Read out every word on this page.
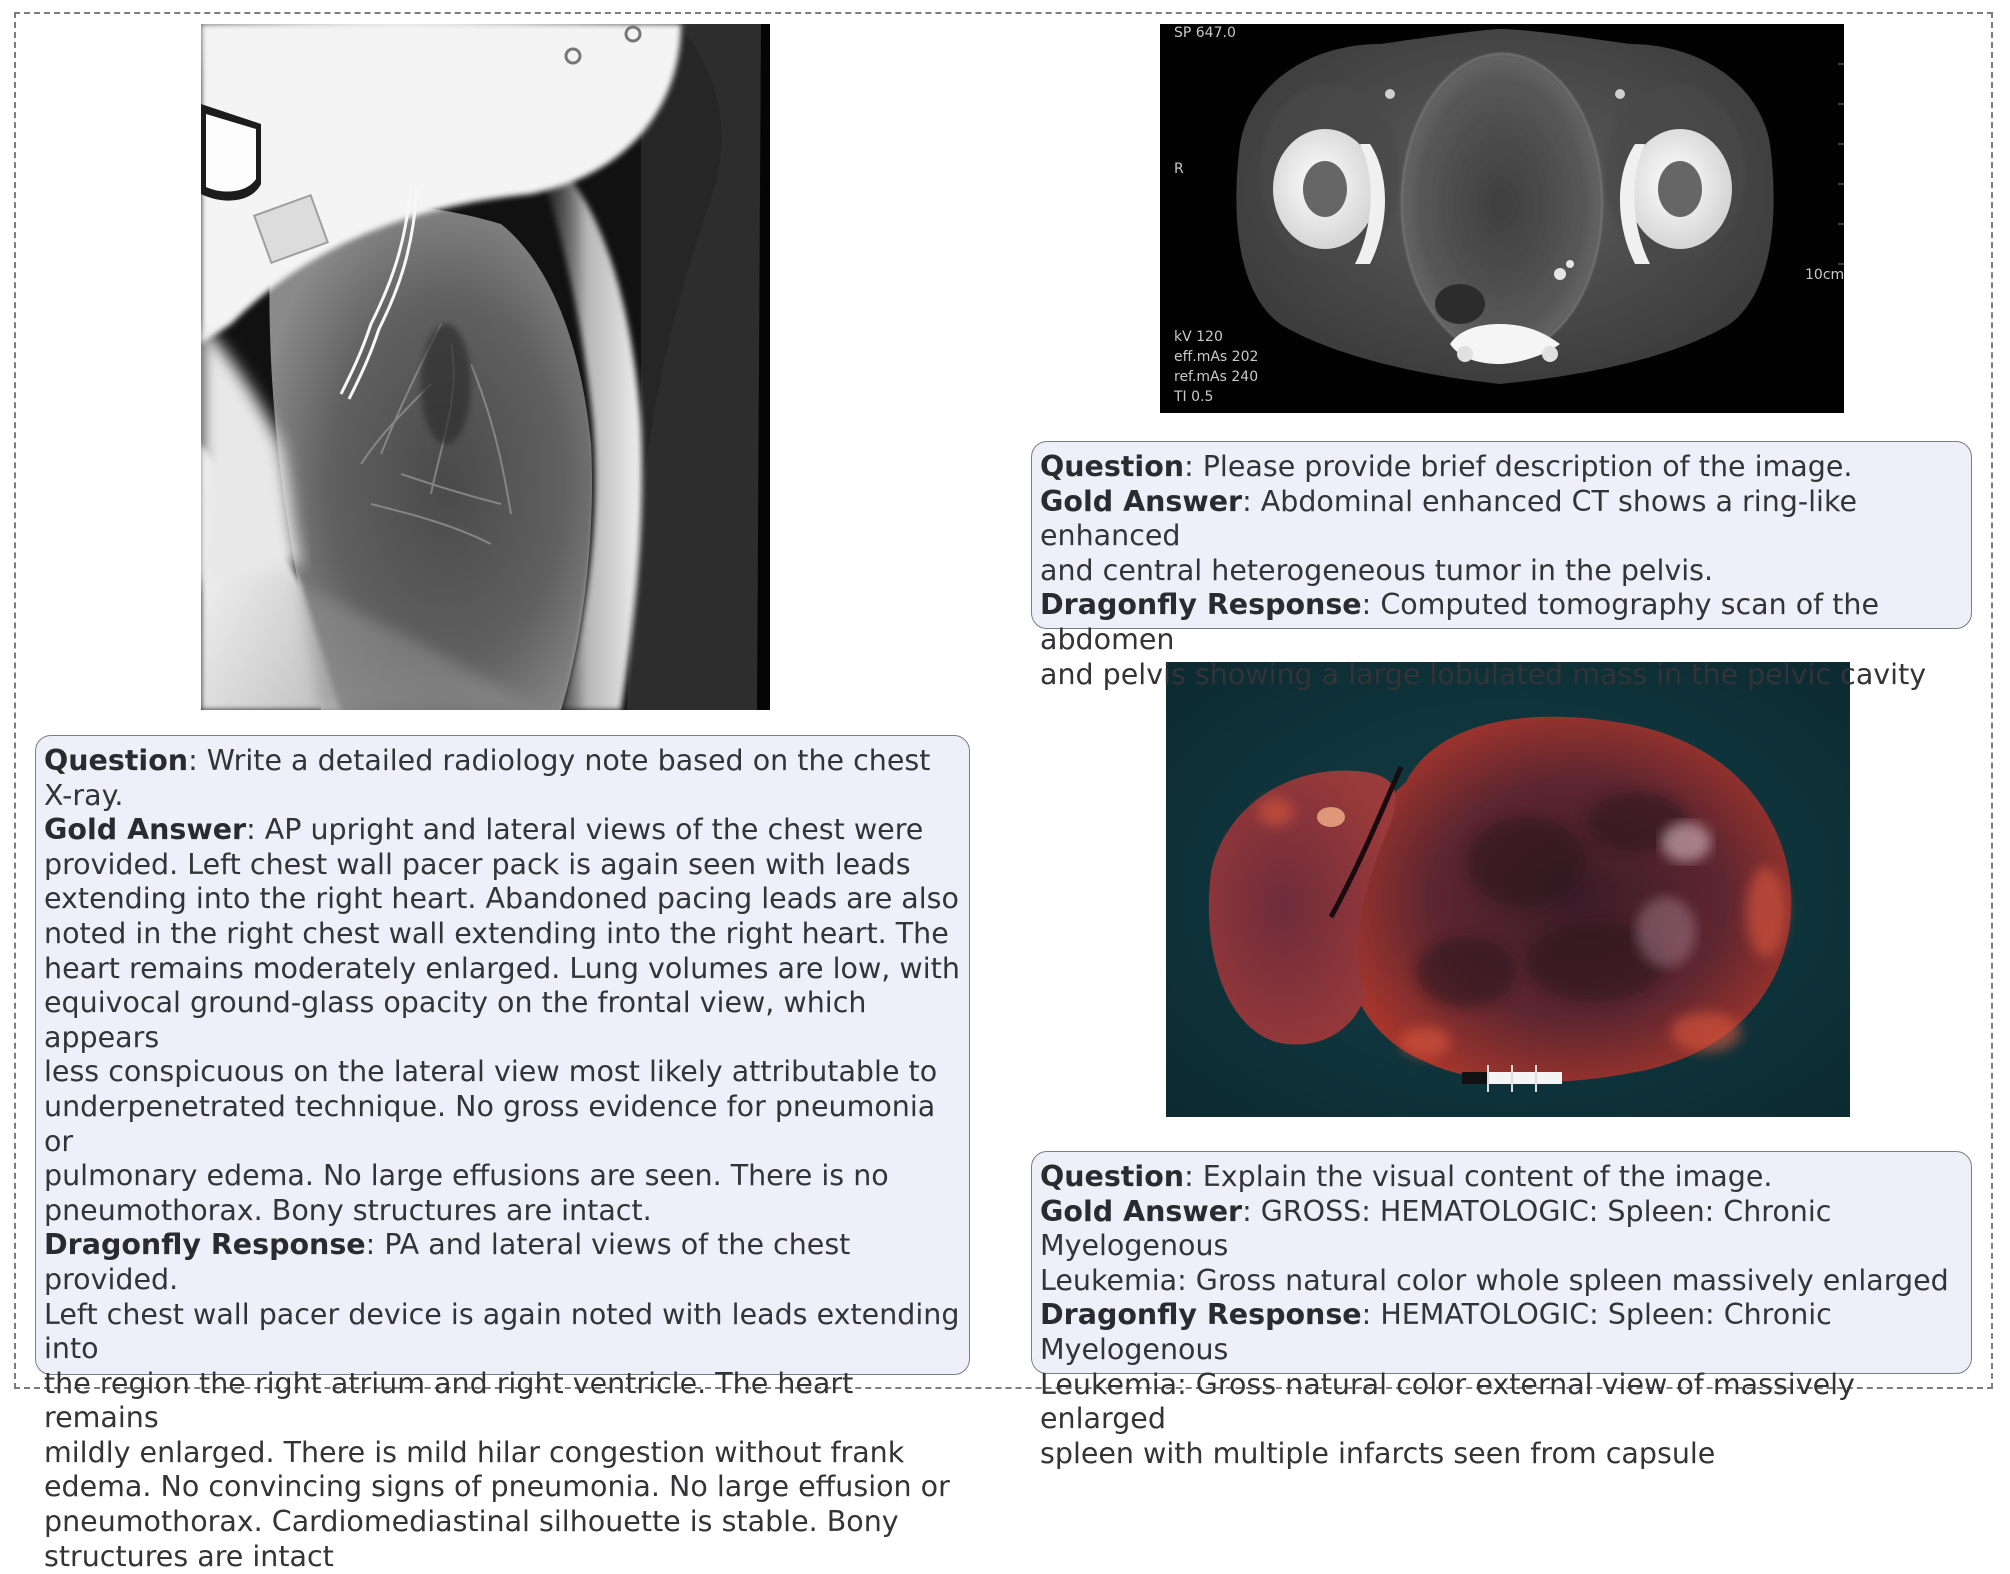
SP 647.0
R
10cm
kV 120
eff.mAs 202
ref.mAs 240
TI 0.5
Question: Write a detailed radiology note based on the chest X-ray.
Gold Answer: AP upright and lateral views of the chest were
provided. Left chest wall pacer pack is again seen with leads
extending into the right heart. Abandoned pacing leads are also
noted in the right chest wall extending into the right heart. The
heart remains moderately enlarged. Lung volumes are low, with
equivocal ground-glass opacity on the frontal view, which appears
less conspicuous on the lateral view most likely attributable to
underpenetrated technique. No gross evidence for pneumonia or
pulmonary edema. No large effusions are seen. There is no
pneumothorax. Bony structures are intact.
Dragonfly Response: PA and lateral views of the chest provided.
Left chest wall pacer device is again noted with leads extending into
the region the right atrium and right ventricle. The heart remains
mildly enlarged. There is mild hilar congestion without frank
edema. No convincing signs of pneumonia. No large effusion or
pneumothorax. Cardiomediastinal silhouette is stable. Bony
structures are intact
Question: Please provide brief description of the image.
Gold Answer: Abdominal enhanced CT shows a ring-like enhanced
and central heterogeneous tumor in the pelvis.
Dragonfly Response: Computed tomography scan of the abdomen
and pelvis showing a large lobulated mass in the pelvic cavity
Question: Explain the visual content of the image.
Gold Answer: GROSS: HEMATOLOGIC: Spleen: Chronic Myelogenous
Leukemia: Gross natural color whole spleen massively enlarged
Dragonfly Response: HEMATOLOGIC: Spleen: Chronic Myelogenous
Leukemia: Gross natural color external view of massively enlarged
spleen with multiple infarcts seen from capsule
